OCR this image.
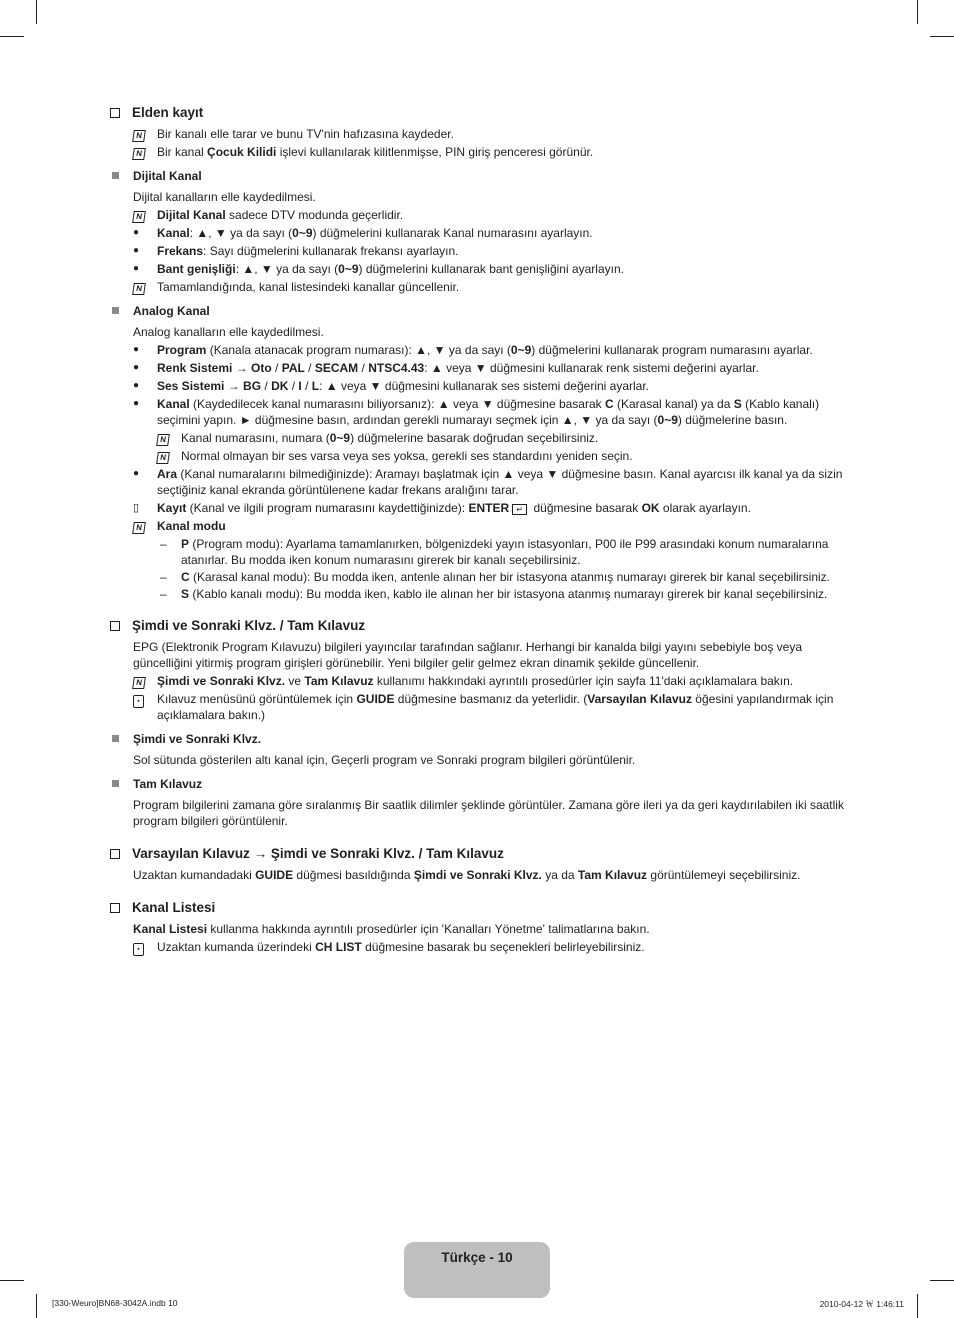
Elden kayıt
N	Bir kanalı elle tarar ve bunu TV'nin hafızasına kaydeder.
N	Bir kanal Çocuk Kilidi işlevi kullanılarak kilitlenmişse, PIN giriş penceresi görünür.
Dijital Kanal
Dijital kanalların elle kaydedilmesi.
N	Dijital Kanal sadece DTV modunda geçerlidir.
●	Kanal: ▲, ▼ ya da sayı (0~9) düğmelerini kullanarak Kanal numarasını ayarlayın.
●	Frekans: Sayı düğmelerini kullanarak frekansı ayarlayın.
●	Bant genişliği: ▲, ▼ ya da sayı (0~9) düğmelerini kullanarak bant genişliğini ayarlayın.
N	Tamamlandığında, kanal listesindeki kanallar güncellenir.
Analog Kanal
Analog kanalların elle kaydedilmesi.
●	Program (Kanala atanacak program numarası): ▲, ▼ ya da sayı (0~9) düğmelerini kullanarak program numarasını ayarlar.
●	Renk Sistemi → Oto / PAL / SECAM / NTSC4.43: ▲ veya ▼ düğmesini kullanarak renk sistemi değerini ayarlar.
●	Ses Sistemi → BG / DK / I / L: ▲ veya ▼ düğmesini kullanarak ses sistemi değerini ayarlar.
●	Kanal (Kaydedilecek kanal numarasını biliyorsanız): ▲ veya ▼ düğmesine basarak C (Karasal kanal) ya da S (Kablo kanalı) seçimini yapın. ► düğmesine basın, ardından gerekli numarayı seçmek için ▲, ▼ ya da sayı (0~9) düğmelerine basın.
N	Kanal numarasını, numara (0~9) düğmelerine basarak doğrudan seçebilirsiniz.
N	Normal olmayan bir ses varsa veya ses yoksa, gerekli ses standardını yeniden seçin.
●	Ara (Kanal numaralarını bilmediğinizde): Aramayı başlatmak için ▲ veya ▼ düğmesine basın. Kanal ayarcısı ilk kanal ya da sizin seçtiğiniz kanal ekranda görüntülenene kadar frekans aralığını tarar.
▯	Kayıt (Kanal ve ilgili program numarasını kaydettiğinizde): ENTER ↵ düğmesine basarak OK olarak ayarlayın.
N	Kanal modu
– P (Program modu): Ayarlama tamamlanırken, bölgenizdeki yayın istasyonları, P00 ile P99 arasındaki konum numaralarına atanırlar. Bu modda iken konum numarasını girerek bir kanalı seçebilirsiniz.
– C (Karasal kanal modu): Bu modda iken, antenle alınan her bir istasyona atanmış numarayı girerek bir kanal seçebilirsiniz.
– S (Kablo kanalı modu): Bu modda iken, kablo ile alınan her bir istasyona atanmış numarayı girerek bir kanal seçebilirsiniz.
Şimdi ve Sonraki Klvz. / Tam Kılavuz
EPG (Elektronik Program Kılavuzu) bilgileri yayıncılar tarafından sağlanır. Herhangi bir kanalda bilgi yayını sebebiyle boş veya güncelliğini yitirmiş program girişleri görünebilir. Yeni bilgiler gelir gelmez ekran dinamik şekilde güncellenir.
N	Şimdi ve Sonraki Klvz. ve Tam Kılavuz kullanımı hakkındaki ayrıntılı prosedürler için sayfa 11'daki açıklamalara bakın.
▪	Kılavuz menüsünü görüntülemek için GUIDE düğmesine basmanız da yeterlidir. (Varsayılan Kılavuz öğesini yapılandırmak için açıklamalara bakın.)
Şimdi ve Sonraki Klvz.
Sol sütunda gösterilen altı kanal için, Geçerli program ve Sonraki program bilgileri görüntülenir.
Tam Kılavuz
Program bilgilerini zamana göre sıralanmış Bir saatlik dilimler şeklinde görüntüler. Zamana göre ileri ya da geri kaydırılabilen iki saatlik program bilgileri görüntülenir.
Varsayılan Kılavuz → Şimdi ve Sonraki Klvz. / Tam Kılavuz
Uzaktan kumandadaki GUIDE düğmesi basıldığında Şimdi ve Sonraki Klvz. ya da Tam Kılavuz görüntülemeyi seçebilirsiniz.
Kanal Listesi
Kanal Listesi kullanma hakkında ayrıntılı prosedürler için 'Kanalları Yönetme' talimatlarına bakın.
▪	Uzaktan kumanda üzerindeki CH LIST düğmesine basarak bu seçenekleri belirleyebilirsiniz.
Türkçe - 10
[330-Weuro]BN68-3042A.indb 10	2010-04-12 ￦ 1:46:11
